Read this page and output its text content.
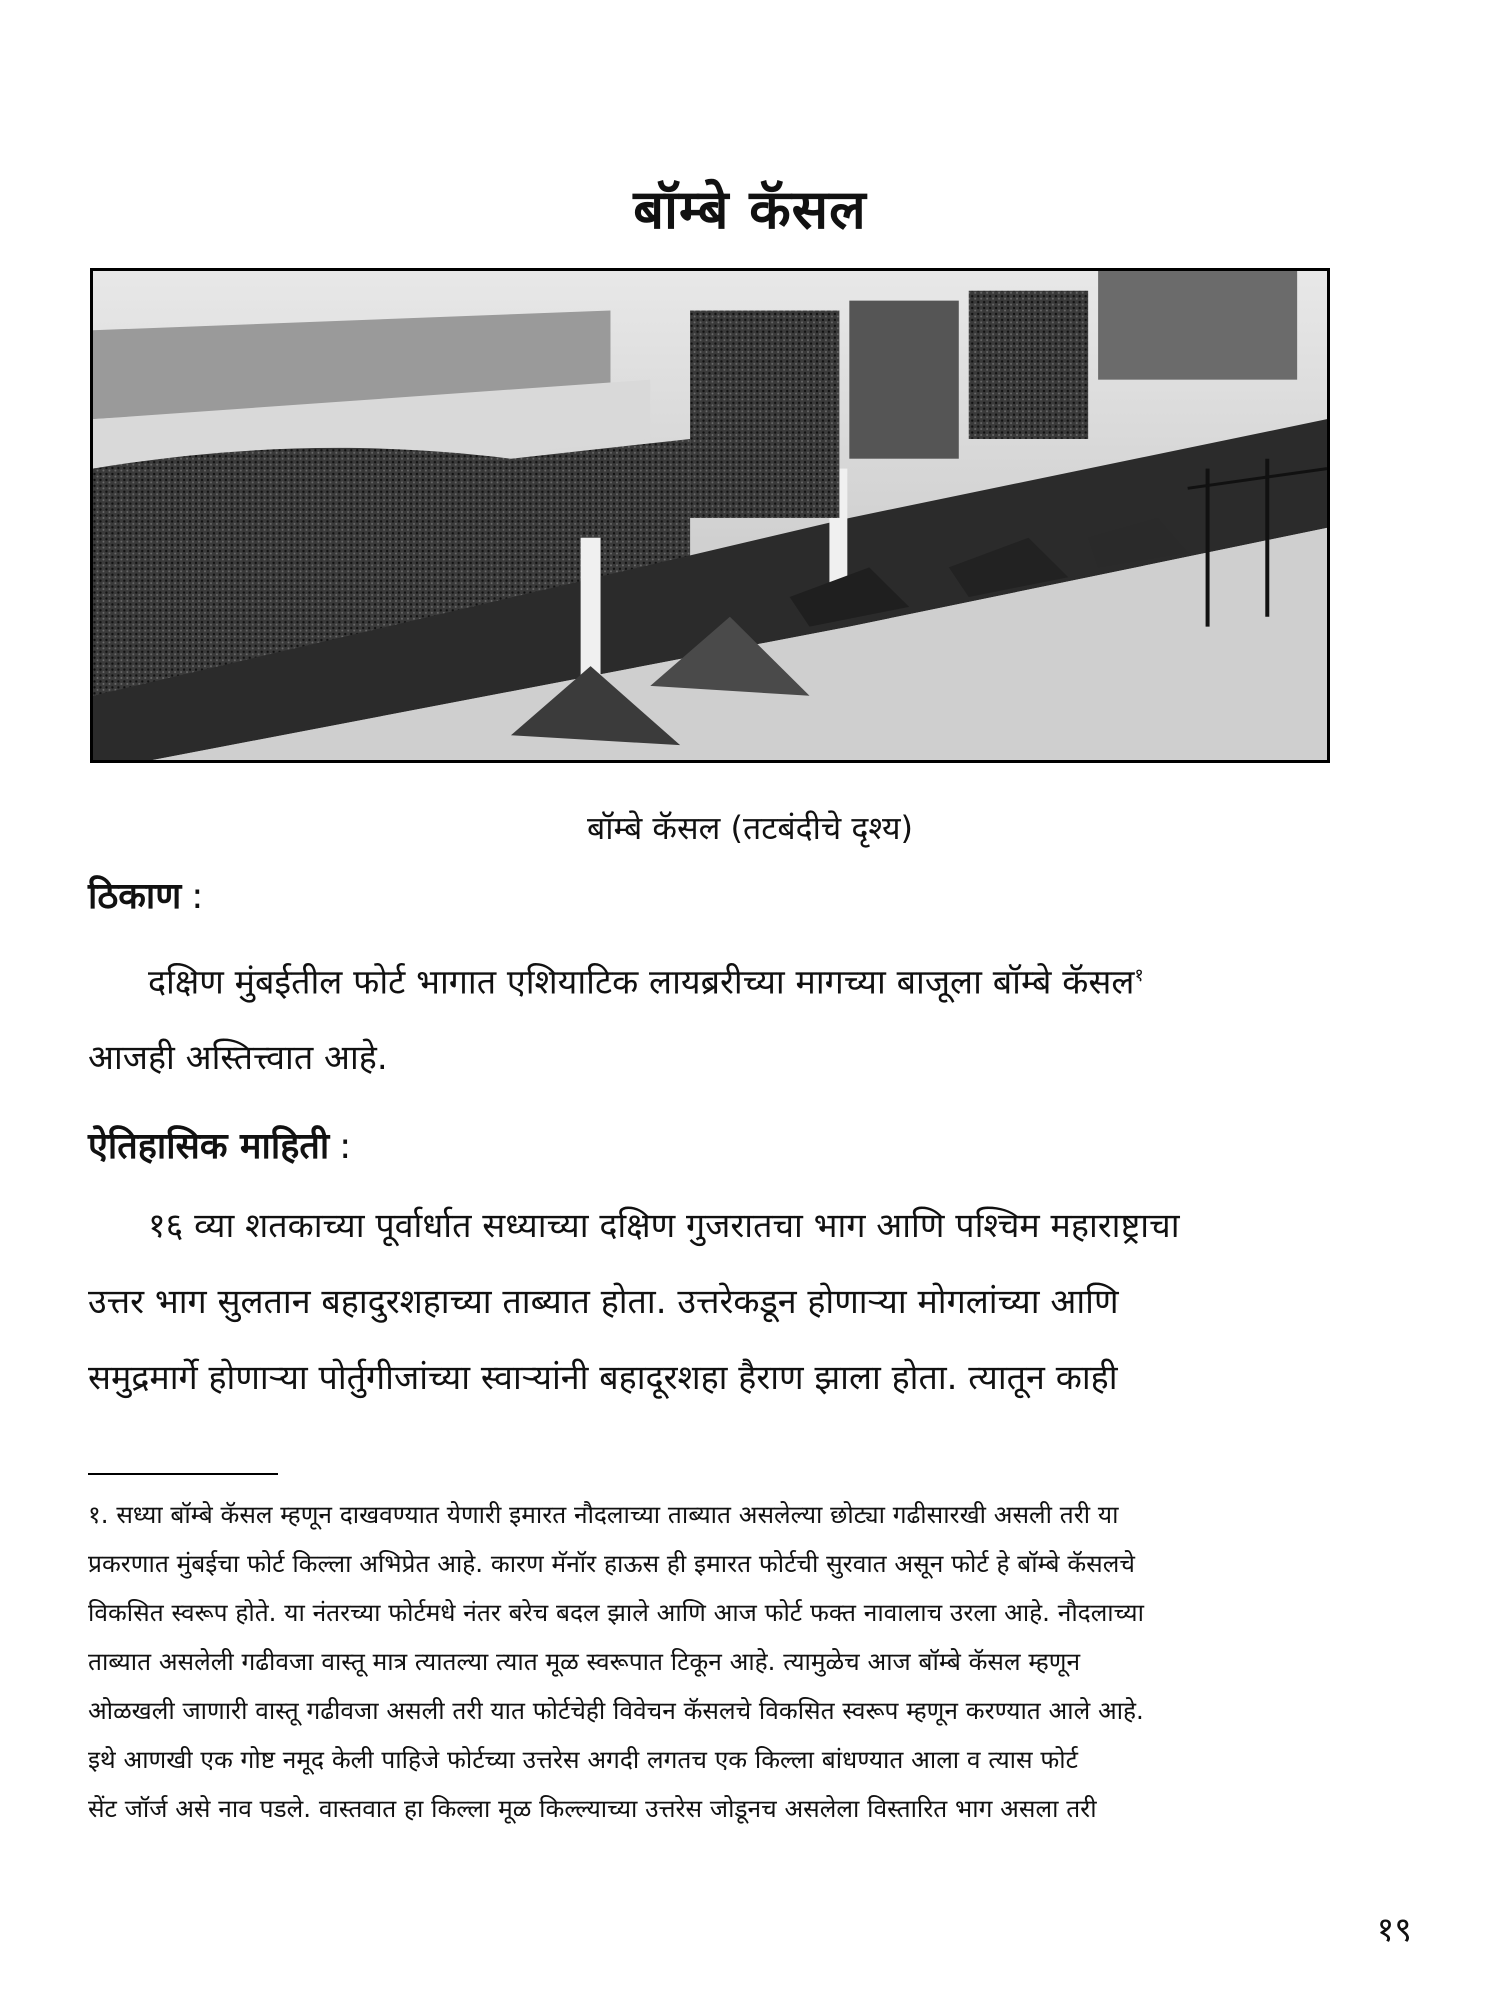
बॉम्बे कॅसल
बॉम्बे कॅसल (तटबंदीचे दृश्य)
ठिकाण :
दक्षिण मुंबईतील फोर्ट भागात एशियाटिक लायब्ररीच्या मागच्या बाजूला बॉम्बे कॅसल$^१$
आजही अस्तित्त्वात आहे.
ऐतिहासिक माहिती :
१६ व्या शतकाच्या पूर्वार्धात सध्याच्या दक्षिण गुजरातचा भाग आणि पश्चिम महाराष्ट्राचा
उत्तर भाग सुलतान बहादुरशहाच्या ताब्यात होता. उत्तरेकडून होणाऱ्या मोगलांच्या आणि
समुद्रमार्गे होणाऱ्या पोर्तुगीजांच्या स्वाऱ्यांनी बहादूरशहा हैराण झाला होता. त्यातून काही
१. सध्या बॉम्बे कॅसल म्हणून दाखवण्यात येणारी इमारत नौदलाच्या ताब्यात असलेल्या छोट्या गढीसारखी असली तरी या
प्रकरणात मुंबईचा फोर्ट किल्ला अभिप्रेत आहे. कारण मॅनॉर हाऊस ही इमारत फोर्टची सुरवात असून फोर्ट हे बॉम्बे कॅसलचे
विकसित स्वरूप होते. या नंतरच्या फोर्टमधे नंतर बरेच बदल झाले आणि आज फोर्ट फक्त नावालाच उरला आहे. नौदलाच्या
ताब्यात असलेली गढीवजा वास्तू मात्र त्यातल्या त्यात मूळ स्वरूपात टिकून आहे. त्यामुळेच आज बॉम्बे कॅसल म्हणून
ओळखली जाणारी वास्तू गढीवजा असली तरी यात फोर्टचेही विवेचन कॅसलचे विकसित स्वरूप म्हणून करण्यात आले आहे.
इथे आणखी एक गोष्ट नमूद केली पाहिजे फोर्टच्या उत्तरेस अगदी लगतच एक किल्ला बांधण्यात आला व त्यास फोर्ट
सेंट जॉर्ज असे नाव पडले. वास्तवात हा किल्ला मूळ किल्ल्याच्या उत्तरेस जोडूनच असलेला विस्तारित भाग असला तरी
१९
